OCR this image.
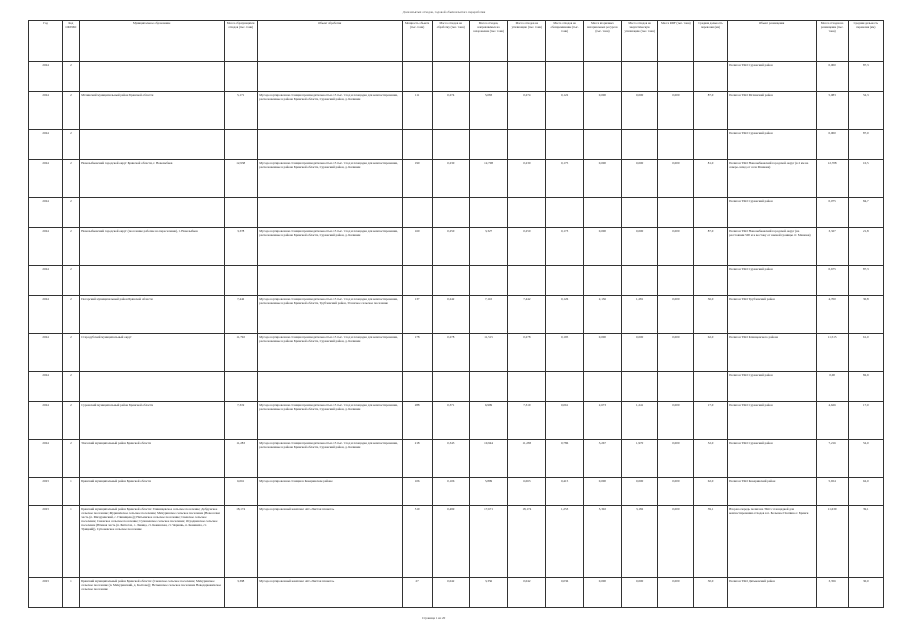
Доля изъятых отходов, годовой объём изъятого переработки
Год	Код ОКТМО	Муниципальное образование	Масса образующихся отходов (тыс. тонн)	Объект обработки	Мощность объекта (тыс. тонн)	Масса отходов на обработку (тыс. тонн)	Масса отходов, направляемых на захоронение (тыс. тонн)	Масса отходов на утилизацию (тыс. тонн)	Масса отходов на обезвреживание (тыс. тонн)	Масса вторичных материальных ресурсов (тыс. тонн)	Масса отходов на энергетическую утилизацию (тыс. тонн)	Масса RDF (тыс. тонн)	Средняя дальность перевозки (км)	Объект размещения	Масса отходов на размещение (тыс. тонн)	Средняя дальность перевозки (км)
2024	2													Полигон ТКО Суражский район	0,000	87,3
2024	2	Мглинский муниципальный район Брянской области	5,171	Мусоросортировочная станция производительностью 15 тыс. т/год и площадка для компостирования, расположенные в районе Брянской области, Суражский район, д. Калинин	111	0,274	5,083	0,274	0,122	0,000	0,000	0,000	87,0	Полигон ТКО Мглинский район	5,083	52,3
2024	2													Полигон ТКО Суражский район	0,000	87,0
2024	2	Новозыбковский городской округ Брянской области, г. Новозыбков	12,938	Мусоросортировочная станция производительностью 15 тыс. т/год и площадка для компостирования, расположенные в районе Брянской области, Суражский район, д. Калинин	190	0,230	12,708	0,230	0,175	0,000	0,000	0,000	81,0	Полигон ТКО Новозыбковский городской округ (в 2 км на северо-запад от села Манюки)	12,708	10,5
2024	2													Полигон ТКО Суражский район	0,075	84,7
2024	2	Новозыбковский городской округ (поселение рабочие на переселение), г. Новозыбков	3,378	Мусоросортировочная станция производительностью 15 тыс. т/год и площадка для компостирования, расположенные в районе Брянской области, Суражский район, д. Калинин	160	0,250	3,327	0,250	0,173	0,000	0,000	0,000	87,0	Полигон ТКО Новозыбковский городской округ (на расстоянии 500 м к востоку от южной границы ст. Манюки)	3,327	21,8
2024	2													Полигон ТКО Суражский район	0,675	87,3
2024	2	Погарский муниципальный район Брянской области	7,442	Мусоросортировочная станция производительностью 15 тыс. т/год и площадка для компостирования, расположенные в районе Брянской области, Трубчевский район, Усошское сельское поселение	137	0,242	7,110	7,442	0,126	2,136	1,281	0,000	36,0	Полигон ТКО Трубчевский район	4,700	30,8
2024	2	Стародубский муниципальный округ	11,792	Мусоросортировочная станция производительностью 15 тыс. т/год и площадка для компостирования, расположенные в районе Брянской области, Суражский район, д. Калинин	178	0,278	11,515	0,278	0,195	0,000	0,000	0,000	62,0	Полигон ТКО Клинцовского района	11,515	61,0
2024	2													Полигон ТКО Суражский район	0,00	82,9
2024	2	Суражский муниципальный район Брянской области	7,319	Мусоросортировочная станция производительностью 15 тыс. т/год и площадка для компостирования, расположенные в районе Брянской области, Суражский район, д. Калинин	288	0,371	6,999	7,319	0,061	2,673	1,241	0,000	17,0	Полигон ТКО Суражский район	4,626	17,0
2024	2	Унечский муниципальный район Брянской области	11,283	Мусоросортировочная станция производительностью 15 тыс. т/год и площадка для компостирования, расположенные в районе Брянской области, Суражский район, д. Калинин	218	0,343	10,944	11,283	0,786	3,267	1,970	0,000	52,0	Полигон ТКО Суражский район	7,216	52,0
2023	1	Брянский муниципальный район Брянской области	6,061	Мусоросортировочная станция в Кокаринском районе	106	0,106	5,899	6,063	0,415	0,000	0,000	0,000	62,0	Полигон ТКО Кокаринский район	5,654	62,0
2023	1	Брянский муниципальный район Брянской области: Глинищевское сельское поселение; Добрунское сельское поселение; Журиничское сельское поселение; Мичуринское сельское поселение (Новоселки часть (п. Мичуринский, с. Глинищево)); Нетьинское сельское поселение; Свенское сельское поселение; Снежское сельское поселение; Супоневское сельское поселение; Отрадненское сельское поселение (Южная часть (п. Битюгах, с. Лавица, ст. Кокинская, ст. Чернявь, п. Кокиниха, ст. Урицкий)), Супоневское сельское поселение	18,174	Мусоросортировочный комплекс АО «Чистая планета»	519	0,499	17,671	18,174	1,253	5,302	3,182	0,000	39,1	Вторая очередь полигона ТКО с площадкой для компостирования отходов в п. Большое Полпино г. Брянск	11,639	39,1
2023	1	Брянский муниципальный район Брянской области: (Снежское сельское поселение; Мичуринское сельское поселение (п. Мичуринский, д. Колтово)); Нетьинское сельское поселение Новодарковичское сельское поселение	3,398	Мусоросортировочный комплекс АО «Чистая планета»	27	0,042	3,356	0,042	0,036	0,000	0,000	0,000	30,0	Полигон ТКО Дятьковский район	3,356	30,0
Страница 1 из 20
